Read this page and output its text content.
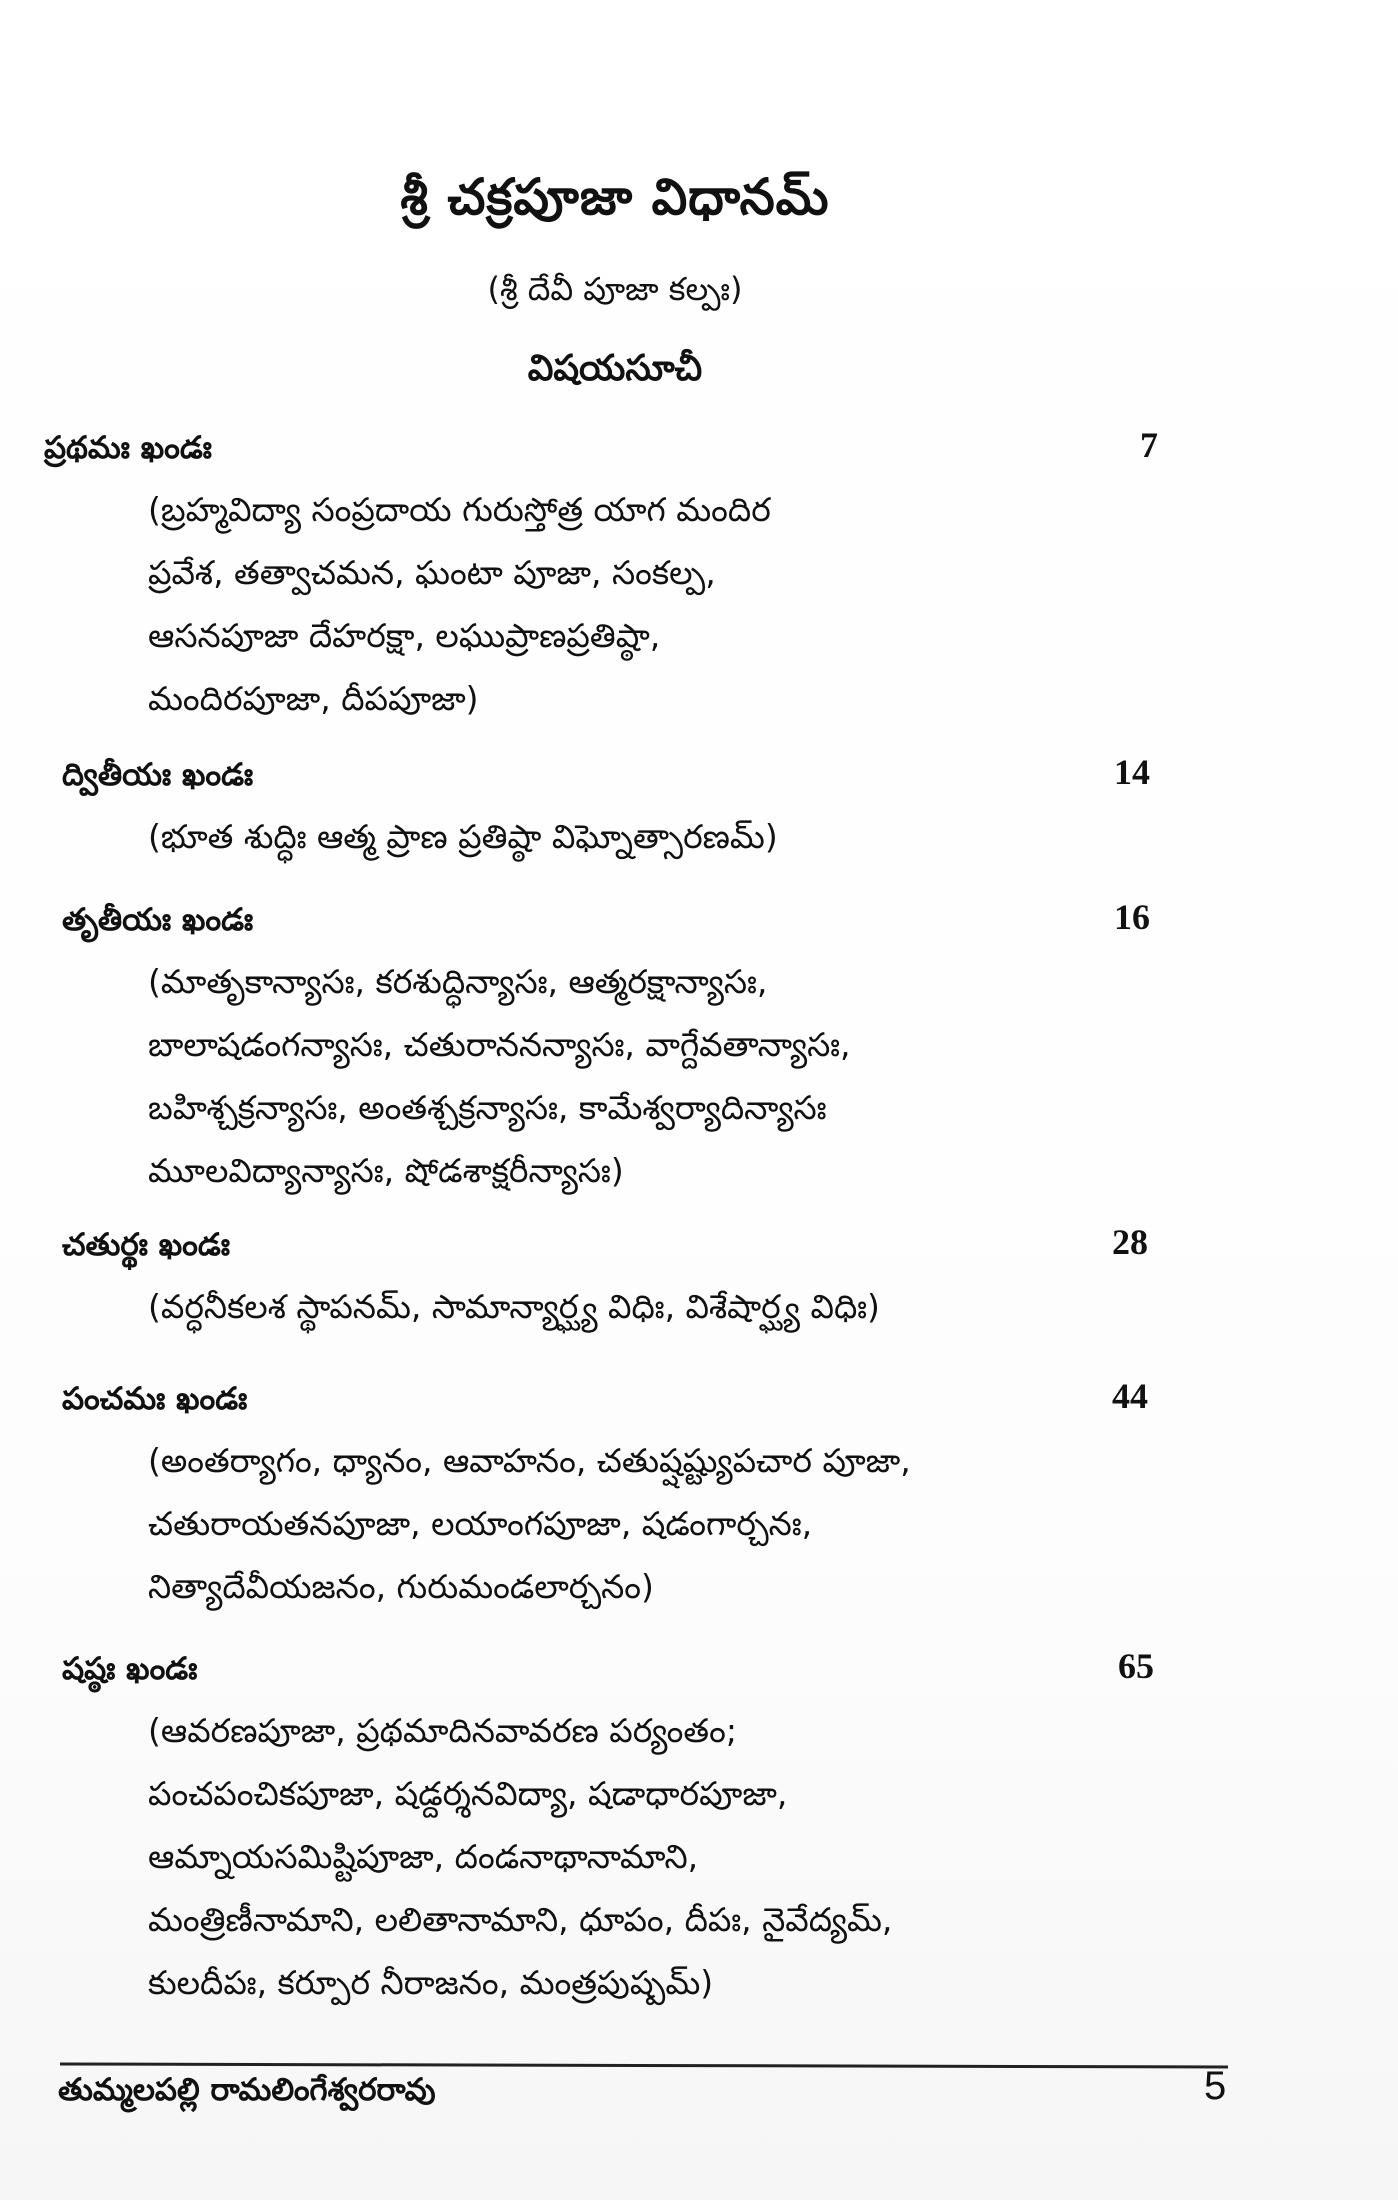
శ్రీ చక్రపూజా విధానమ్
(శ్రీ దేవీ పూజా కల్పః)
విషయసూచీ
ప్రథమః ఖండః	7
(బ్రహ్మవిద్యా సంప్రదాయ గురుస్తోత్ర యాగ మందిర
ప్రవేశ, తత్వాచమన, ఘంటా పూజా, సంకల్ప,
ఆసనపూజా దేహరక్షా, లఘుప్రాణప్రతిష్ఠా,
మందిరపూజా, దీపపూజా)
ద్వితీయః ఖండః	14
(భూత శుద్ధిః ఆత్మ ప్రాణ ప్రతిష్ఠా విఘ్నోత్సారణమ్)
తృతీయః ఖండః	16
(మాతృకాన్యాసః, కరశుద్ధిన్యాసః, ఆత్మరక్షాన్యాసః,
బాలాషడంగన్యాసః, చతురాననన్యాసః, వాగ్దేవతాన్యాసః,
బహిశ్చక్రన్యాసః, అంతశ్చక్రన్యాసః, కామేశ్వర్యాదిన్యాసః
మూలవిద్యాన్యాసః, షోడశాక్షరీన్యాసః)
చతుర్థః ఖండః	28
(వర్ధనీకలశ స్థాపనమ్, సామాన్యార్ఘ్య విధిః, విశేషార్ఘ్య విధిః)
పంచమః ఖండః	44
(అంతర్యాగం, ధ్యానం, ఆవాహనం, చతుష్షష్ట్యుపచార పూజా,
చతురాయతనపూజా, లయాంగపూజా, షడంగార్చనః,
నిత్యాదేవీయజనం, గురుమండలార్చనం)
షష్ఠః ఖండః	65
(ఆవరణపూజా, ప్రథమాదినవావరణ పర్యంతం;
పంచపంచికపూజా, షడ్దర్శనవిద్యా, షడాధారపూజా,
ఆమ్నాయసమిష్టిపూజా, దండనాథానామాని,
మంత్రిణీనామాని, లలితానామాని, ధూపం, దీపః, నైవేద్యమ్,
కులదీపః, కర్పూర నీరాజనం, మంత్రపుష్పమ్)
తుమ్మలపల్లి రామలింగేశ్వరరావు	5
